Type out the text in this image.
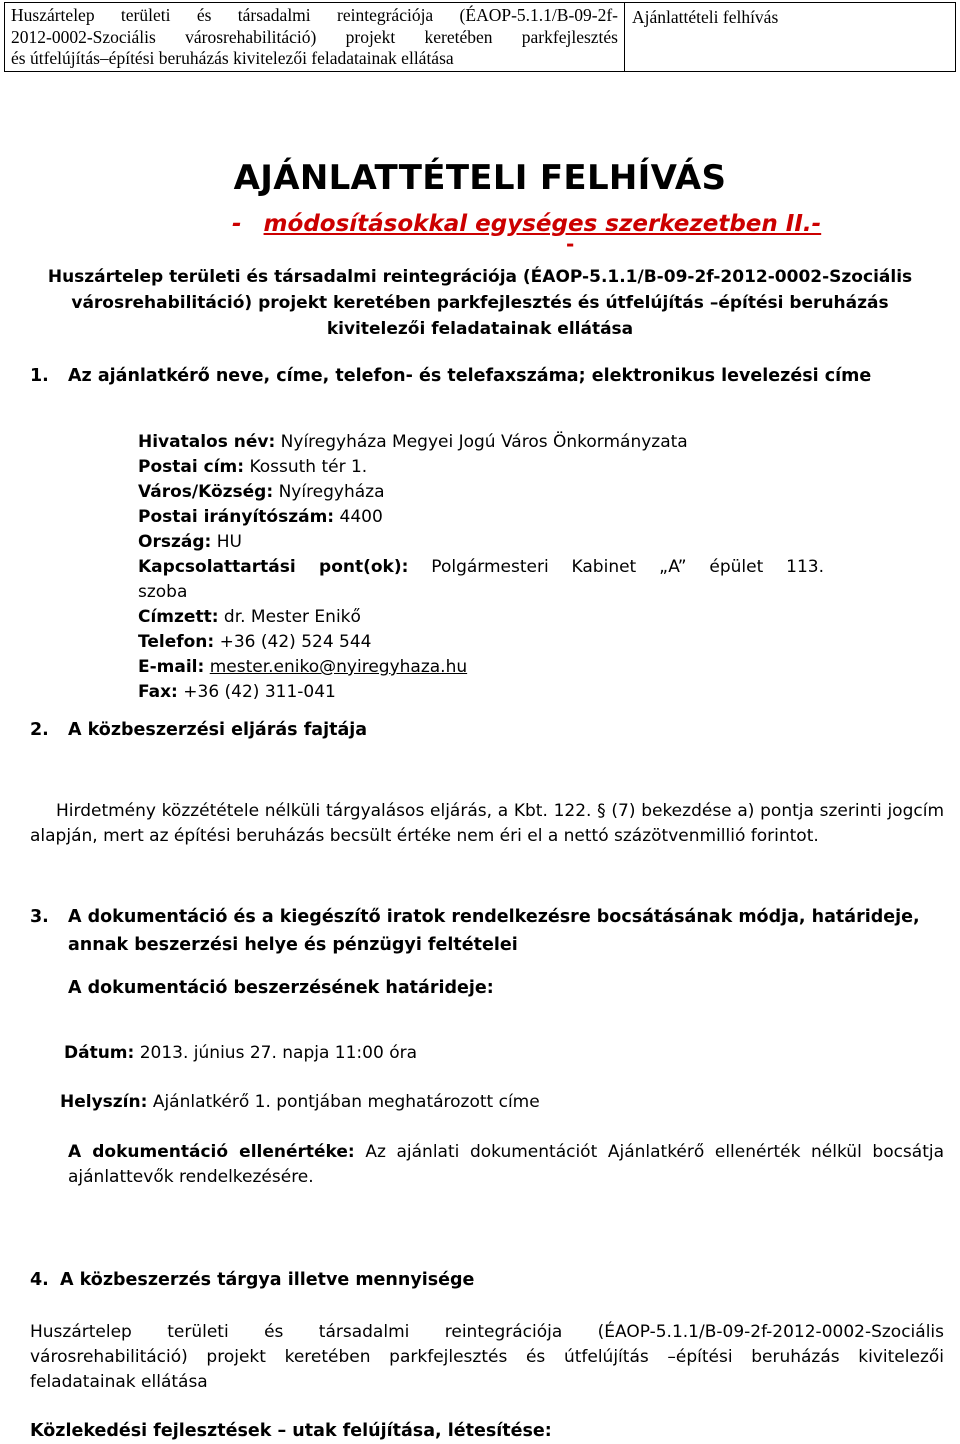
Huszártelep területi és társadalmi reintegrációja (ÉAOP-5.1.1/B-09-2f-
2012-0002-Szociális városrehabilitáció) projekt keretében parkfejlesztés
és útfelújítás–építési beruházás kivitelezői feladatainak ellátása
Ajánlattételi felhívás
AJÁNLATTÉTELI FELHÍVÁS
- módosításokkal egységes szerkezetben II.-
-
Huszártelep területi és társadalmi reintegrációja (ÉAOP-5.1.1/B-09-2f-2012-0002-Szociális
városrehabilitáció) projekt keretében parkfejlesztés és útfelújítás –építési beruházás
kivitelezői feladatainak ellátása
1. Az ajánlatkérő neve, címe, telefon- és telefaxszáma; elektronikus levelezési címe

Hivatalos név: Nyíregyháza Megyei Jogú Város Önkormányzata

Postai cím: Kossuth tér 1.

Város/Község: Nyíregyháza

Postai irányítószám: 4400

Ország: HU

Kapcsolattartási pont(ok): Polgármesteri Kabinet „A” épület 113.

szoba

Címzett: dr. Mester Enikő

Telefon: +36 (42) 524 544

E-mail: mester.eniko@nyiregyhaza.hu

Fax: +36 (42) 311-041

2. A közbeszerzési eljárás fajtája
Hirdetmény közzététele nélküli tárgyalásos eljárás, a Kbt. 122. § (7) bekezdése a) pontja szerinti jogcím alapján, mert az építési beruházás becsült értéke nem éri el a nettó százötvenmillió forintot.
3. A dokumentáció és a kiegészítő iratok rendelkezésre bocsátásának módja, határideje,
annak beszerzési helye és pénzügyi feltételei
A dokumentáció beszerzésének határideje:
Dátum: 2013. június 27. napja 11:00 óra
Helyszín: Ajánlatkérő 1. pontjában meghatározott címe
A dokumentáció ellenértéke: Az ajánlati dokumentációt Ajánlatkérő ellenérték nélkül bocsátja ajánlattevők rendelkezésére.
4. A közbeszerzés tárgya illetve mennyisége
Huszártelep területi és társadalmi reintegrációja (ÉAOP-5.1.1/B-09-2f-2012-0002-Szociális városrehabilitáció) projekt keretében parkfejlesztés és útfelújítás –építési beruházás kivitelezői feladatainak ellátása
Közlekedési fejlesztések – utak felújítása, létesítése:
